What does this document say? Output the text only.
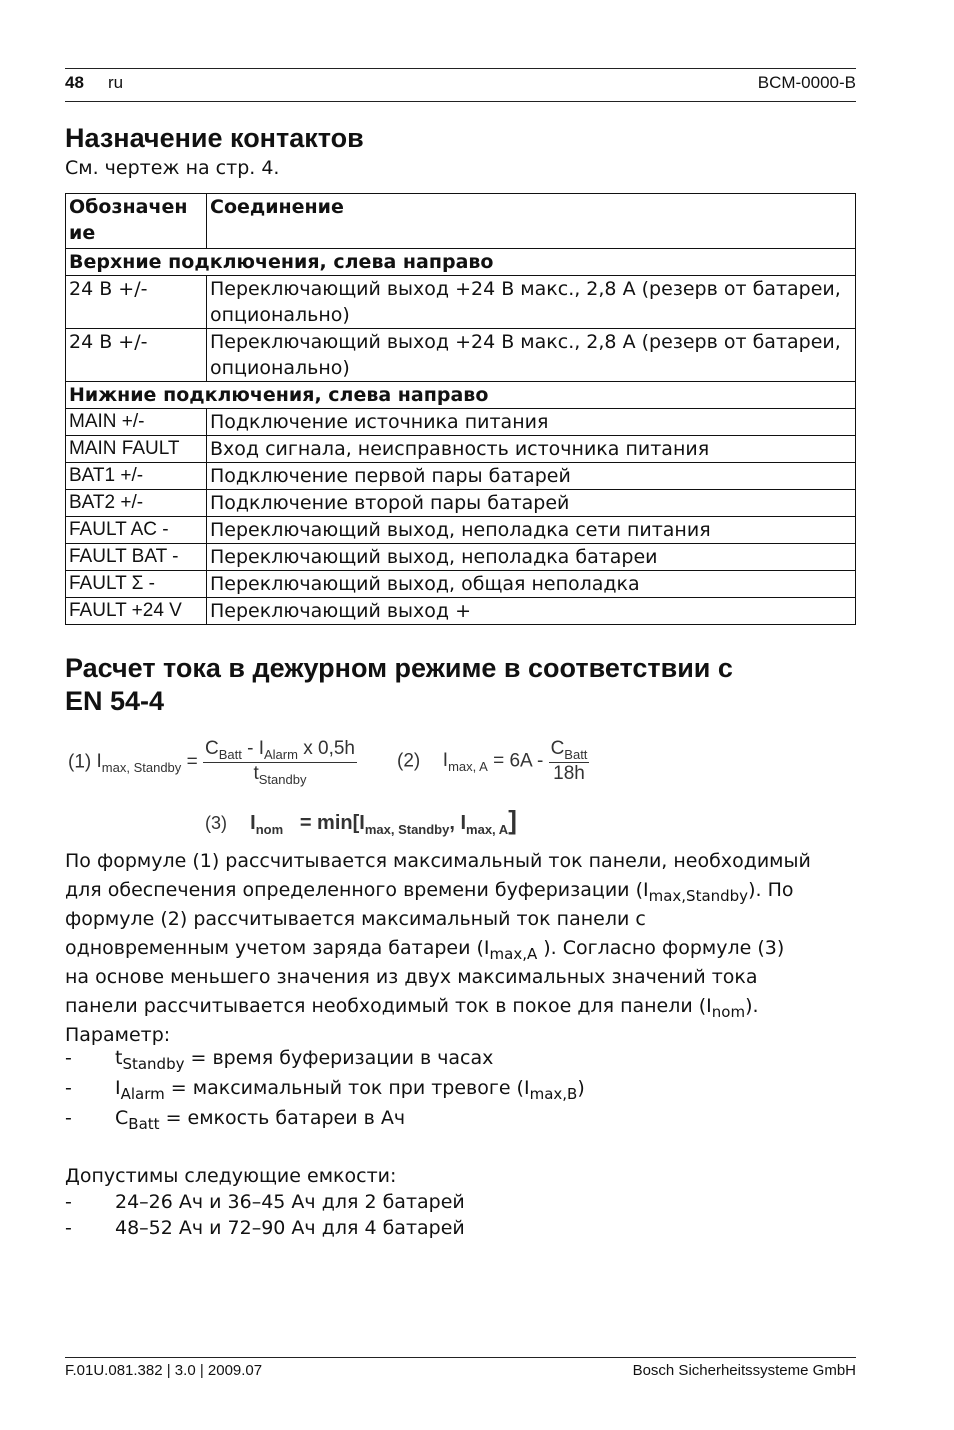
48 ru	BCM-0000-B
Назначение контактов
См. чертеж на стр. 4.
Обозначение	Соединение
Верхние подключения, слева направо	
24 В +/-	Переключающий выход +24 В макс., 2,8 А (резерв от батареи, опционально)
24 В +/-	Переключающий выход +24 В макс., 2,8 А (резерв от батареи, опционально)
Нижние подключения, слева направо	
MAIN +/-	Подключение источника питания
MAIN FAULT	Вход сигнала, неисправность источника питания
BAT1 +/-	Подключение первой пары батарей
BAT2 +/-	Подключение второй пары батарей
FAULT AC -	Переключающий выход, неполадка сети питания
FAULT BAT -	Переключающий выход, неполадка батареи
FAULT Σ -	Переключающий выход, общая неполадка
FAULT +24 V	Переключающий выход +
Расчет тока в дежурном режиме в соответствии с
EN 54-4
(1) $I_{max, Standby} = \frac{C_{Batt} - I_{Alarm} x 0,5h}{t_{Standby}} (2) I_{max, A} = 6A - \frac{C_{Batt}}{18h}$
(3) $I_{nom} = \min[I_{max, Standby}$, $I_{max, A}$]
По формуле (1) рассчитывается максимальный ток панели, необходимый
для обеспечения определенного времени буферизации $(I_{max,Standby})$. По
формуле (2) рассчитывается максимальный ток панели с
одновременным учетом заряда батареи ($I_{max,A}$ ). Согласно формуле (3)
на основе меньшего значения из двух максимальных значений тока
панели рассчитывается необходимый ток в покое для панели $(I_{nom})$.
Параметр:
- $t_{Standby}$ = время буферизации в часах
- $I_{Alarm}$ = максимальный ток при тревоге $(I_{max,B})$
- $C_{Batt}$ = емкость батареи в Ач
Допустимы следующие емкости:
- 24–26 Ач и 36–45 Ач для 2 батарей
- 48–52 Ач и 72–90 Ач для 4 батарей
F.01U.081.382 | 3.0 | 2009.07	Bosch Sicherheitssysteme GmbH
